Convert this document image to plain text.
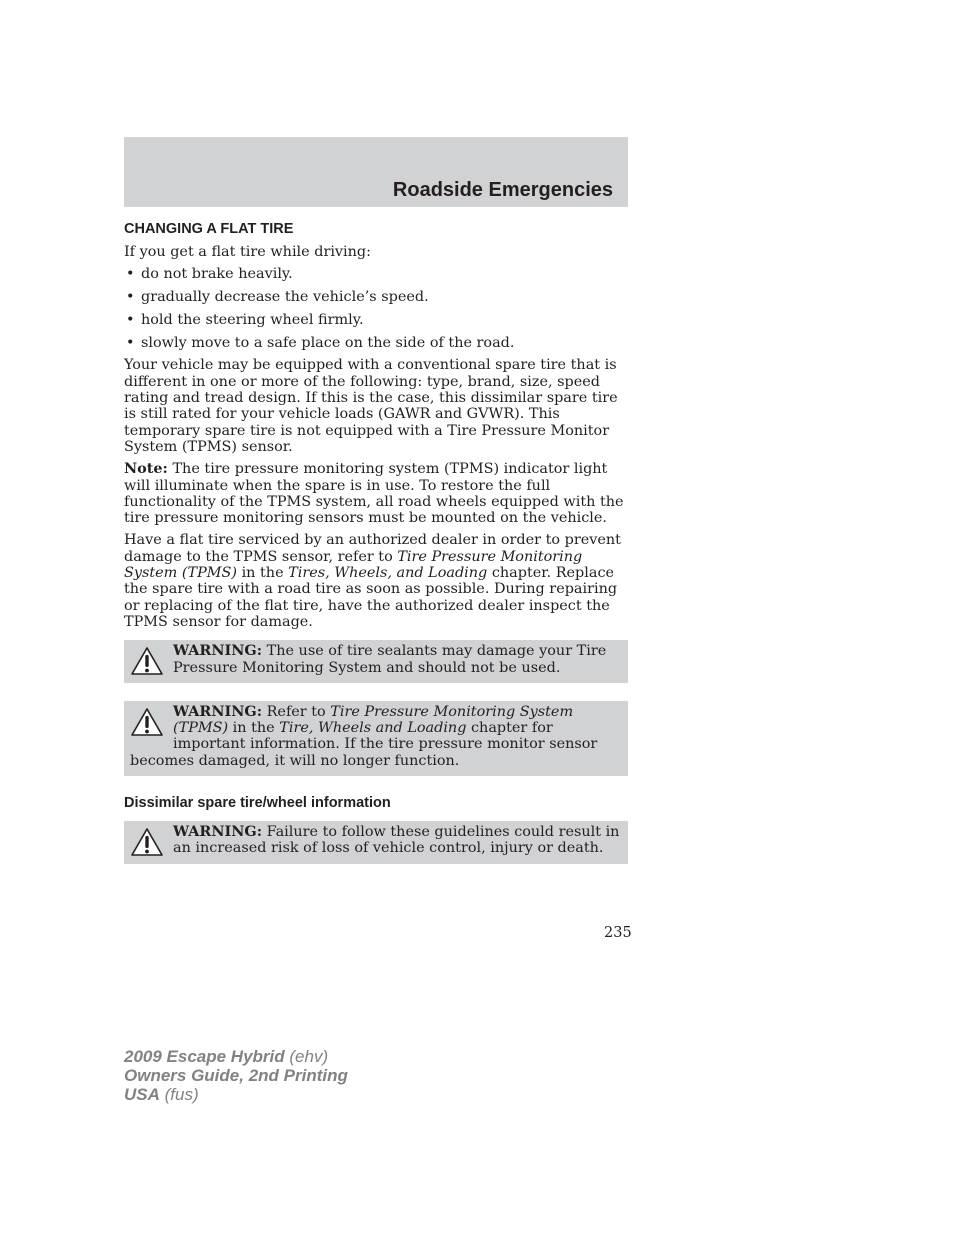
Roadside Emergencies
CHANGING A FLAT TIRE

If you get a flat tire while driving:

• do not brake heavily.
• gradually decrease the vehicle’s speed.
• hold the steering wheel firmly.
• slowly move to a safe place on the side of the road.

Your vehicle may be equipped with a conventional spare tire that is different in one or more of the following: type, brand, size, speed rating and tread design. If this is the case, this dissimilar spare tire is still rated for your vehicle loads (GAWR and GVWR). This temporary spare tire is not equipped with a Tire Pressure Monitor System (TPMS) sensor.

Note: The tire pressure monitoring system (TPMS) indicator light will illuminate when the spare is in use. To restore the full functionality of the TPMS system, all road wheels equipped with the tire pressure monitoring sensors must be mounted on the vehicle.

Have a flat tire serviced by an authorized dealer in order to prevent damage to the TPMS sensor, refer to Tire Pressure Monitoring System (TPMS) in the Tires, Wheels, and Loading chapter. Replace the spare tire with a road tire as soon as possible. During repairing or replacing of the flat tire, have the authorized dealer inspect the TPMS sensor for damage.

WARNING: The use of tire sealants may damage your Tire Pressure Monitoring System and should not be used.
WARNING: Refer to Tire Pressure Monitoring System (TPMS) in the Tire, Wheels and Loading chapter for important information. If the tire pressure monitor sensor becomes damaged, it will no longer function.
Dissimilar spare tire/wheel information
WARNING: Failure to follow these guidelines could result in an increased risk of loss of vehicle control, injury or death.
235
2009 Escape Hybrid (ehv)
Owners Guide, 2nd Printing
USA (fus)
